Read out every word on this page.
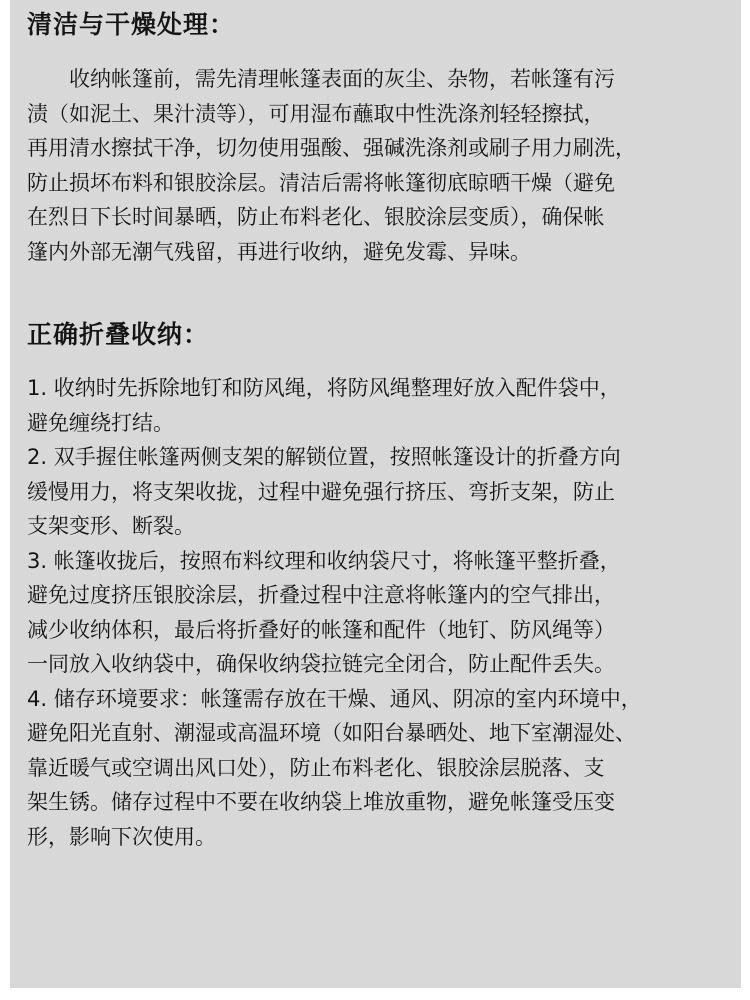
清洁与干燥处理：
收纳帐篷前，需先清理帐篷表面的灰尘、杂物，若帐篷有污
渍（如泥土、果汁渍等），可用湿布蘸取中性洗涤剂轻轻擦拭，
再用清水擦拭干净，切勿使用强酸、强碱洗涤剂或刷子用力刷洗，
防止损坏布料和银胶涂层。清洁后需将帐篷彻底晾晒干燥（避免
在烈日下长时间暴晒，防止布料老化、银胶涂层变质），确保帐
篷内外部无潮气残留，再进行收纳，避免发霉、异味。
正确折叠收纳：
1. 收纳时先拆除地钉和防风绳，将防风绳整理好放入配件袋中，
避免缠绕打结。
2. 双手握住帐篷两侧支架的解锁位置，按照帐篷设计的折叠方向
缓慢用力，将支架收拢，过程中避免强行挤压、弯折支架，防止
支架变形、断裂。
3. 帐篷收拢后，按照布料纹理和收纳袋尺寸，将帐篷平整折叠，
避免过度挤压银胶涂层，折叠过程中注意将帐篷内的空气排出，
减少收纳体积，最后将折叠好的帐篷和配件（地钉、防风绳等）
一同放入收纳袋中，确保收纳袋拉链完全闭合，防止配件丢失。
4. 储存环境要求：帐篷需存放在干燥、通风、阴凉的室内环境中，
避免阳光直射、潮湿或高温环境（如阳台暴晒处、地下室潮湿处、
靠近暖气或空调出风口处），防止布料老化、银胶涂层脱落、支
架生锈。储存过程中不要在收纳袋上堆放重物，避免帐篷受压变
形，影响下次使用。
